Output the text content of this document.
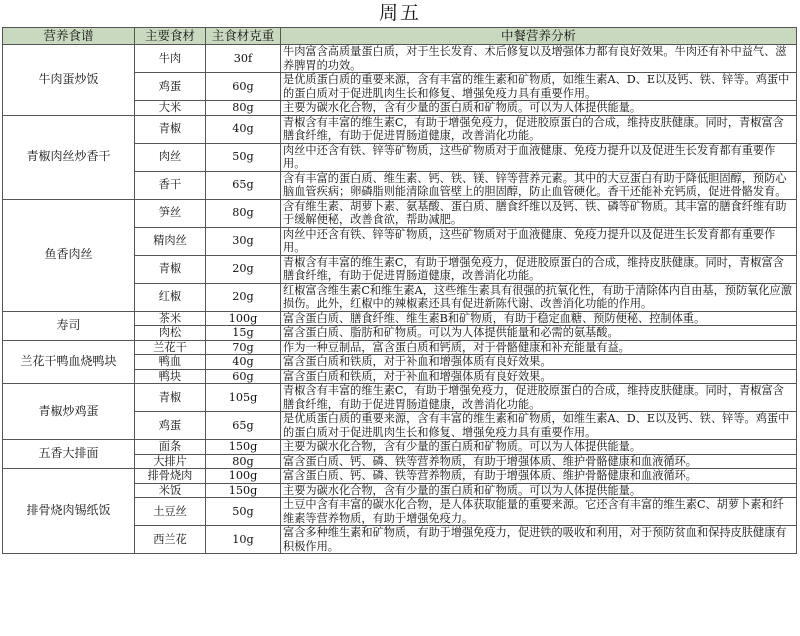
周五
营养食谱	主要食材	主食材克重	中餐营养分析
牛肉蛋炒饭	牛肉	30f	牛肉富含高质量蛋白质，对于生长发育、术后修复以及增强体力都有良好效果。牛肉还有补中益气、滋养脾胃的功效。
	鸡蛋	60g	是优质蛋白质的重要来源，含有丰富的维生素和矿物质，如维生素A、D、E以及钙、铁、锌等。鸡蛋中的蛋白质对于促进肌肉生长和修复、增强免疫力具有重要作用。
	大米	80g	主要为碳水化合物，含有少量的蛋白质和矿物质。可以为人体提供能量。
青椒肉丝炒香干	青椒	40g	青椒含有丰富的维生素C，有助于增强免疫力，促进胶原蛋白的合成，维持皮肤健康。同时，青椒富含膳食纤维，有助于促进胃肠道健康，改善消化功能。
	肉丝	50g	肉丝中还含有铁、锌等矿物质，这些矿物质对于血液健康、免疫力提升以及促进生长发育都有重要作用。
	香干	65g	含有丰富的蛋白质、维生素、钙、铁、镁、锌等营养元素。其中的大豆蛋白有助于降低胆固醇，预防心脑血管疾病；卵磷脂则能清除血管壁上的胆固醇，防止血管硬化。香干还能补充钙质，促进骨骼发育。
鱼香肉丝	笋丝	80g	含有维生素、胡萝卜素、氨基酸、蛋白质、膳食纤维以及钙、铁、磷等矿物质。其丰富的膳食纤维有助于缓解便秘，改善食欲，帮助减肥。
	精肉丝	30g	肉丝中还含有铁、锌等矿物质，这些矿物质对于血液健康、免疫力提升以及促进生长发育都有重要作用。
	青椒	20g	青椒含有丰富的维生素C，有助于增强免疫力，促进胶原蛋白的合成，维持皮肤健康。同时，青椒富含膳食纤维，有助于促进胃肠道健康，改善消化功能。
	红椒	20g	红椒富含维生素C和维生素A，这些维生素具有很强的抗氧化性，有助于清除体内自由基，预防氧化应激损伤。此外，红椒中的辣椒素还具有促进新陈代谢、改善消化功能的作用。
寿司	茶米	100g	富含蛋白质、膳食纤维、维生素B和矿物质，有助于稳定血糖、预防便秘、控制体重。
	肉松	15g	富含蛋白质、脂肪和矿物质。可以为人体提供能量和必需的氨基酸。
兰花干鸭血烧鸭块	兰花干	70g	作为一种豆制品，富含蛋白质和钙质，对于骨骼健康和补充能量有益。
	鸭血	40g	富含蛋白质和铁质，对于补血和增强体质有良好效果。
	鸭块	60g	富含蛋白质和铁质，对于补血和增强体质有良好效果。
青椒炒鸡蛋	青椒	105g	青椒含有丰富的维生素C，有助于增强免疫力，促进胶原蛋白的合成，维持皮肤健康。同时，青椒富含膳食纤维，有助于促进胃肠道健康，改善消化功能。
	鸡蛋	65g	是优质蛋白质的重要来源，含有丰富的维生素和矿物质，如维生素A、D、E以及钙、铁、锌等。鸡蛋中的蛋白质对于促进肌肉生长和修复、增强免疫力具有重要作用。
五香大排面	面条	150g	主要为碳水化合物，含有少量的蛋白质和矿物质。可以为人体提供能量。
	大排片	80g	富含蛋白质、钙、磷、铁等营养物质，有助于增强体质、维护骨骼健康和血液循环。
排骨烧肉锡纸饭	排骨烧肉	100g	富含蛋白质、钙、磷、铁等营养物质，有助于增强体质、维护骨骼健康和血液循环。
	米饭	150g	主要为碳水化合物，含有少量的蛋白质和矿物质。可以为人体提供能量。
	土豆丝	50g	土豆中含有丰富的碳水化合物，是人体获取能量的重要来源。它还含有丰富的维生素C、胡萝卜素和纤维素等营养物质，有助于增强免疫力。
	西兰花	10g	富含多种维生素和矿物质，有助于增强免疫力，促进铁的吸收和利用，对于预防贫血和保持皮肤健康有积极作用。
